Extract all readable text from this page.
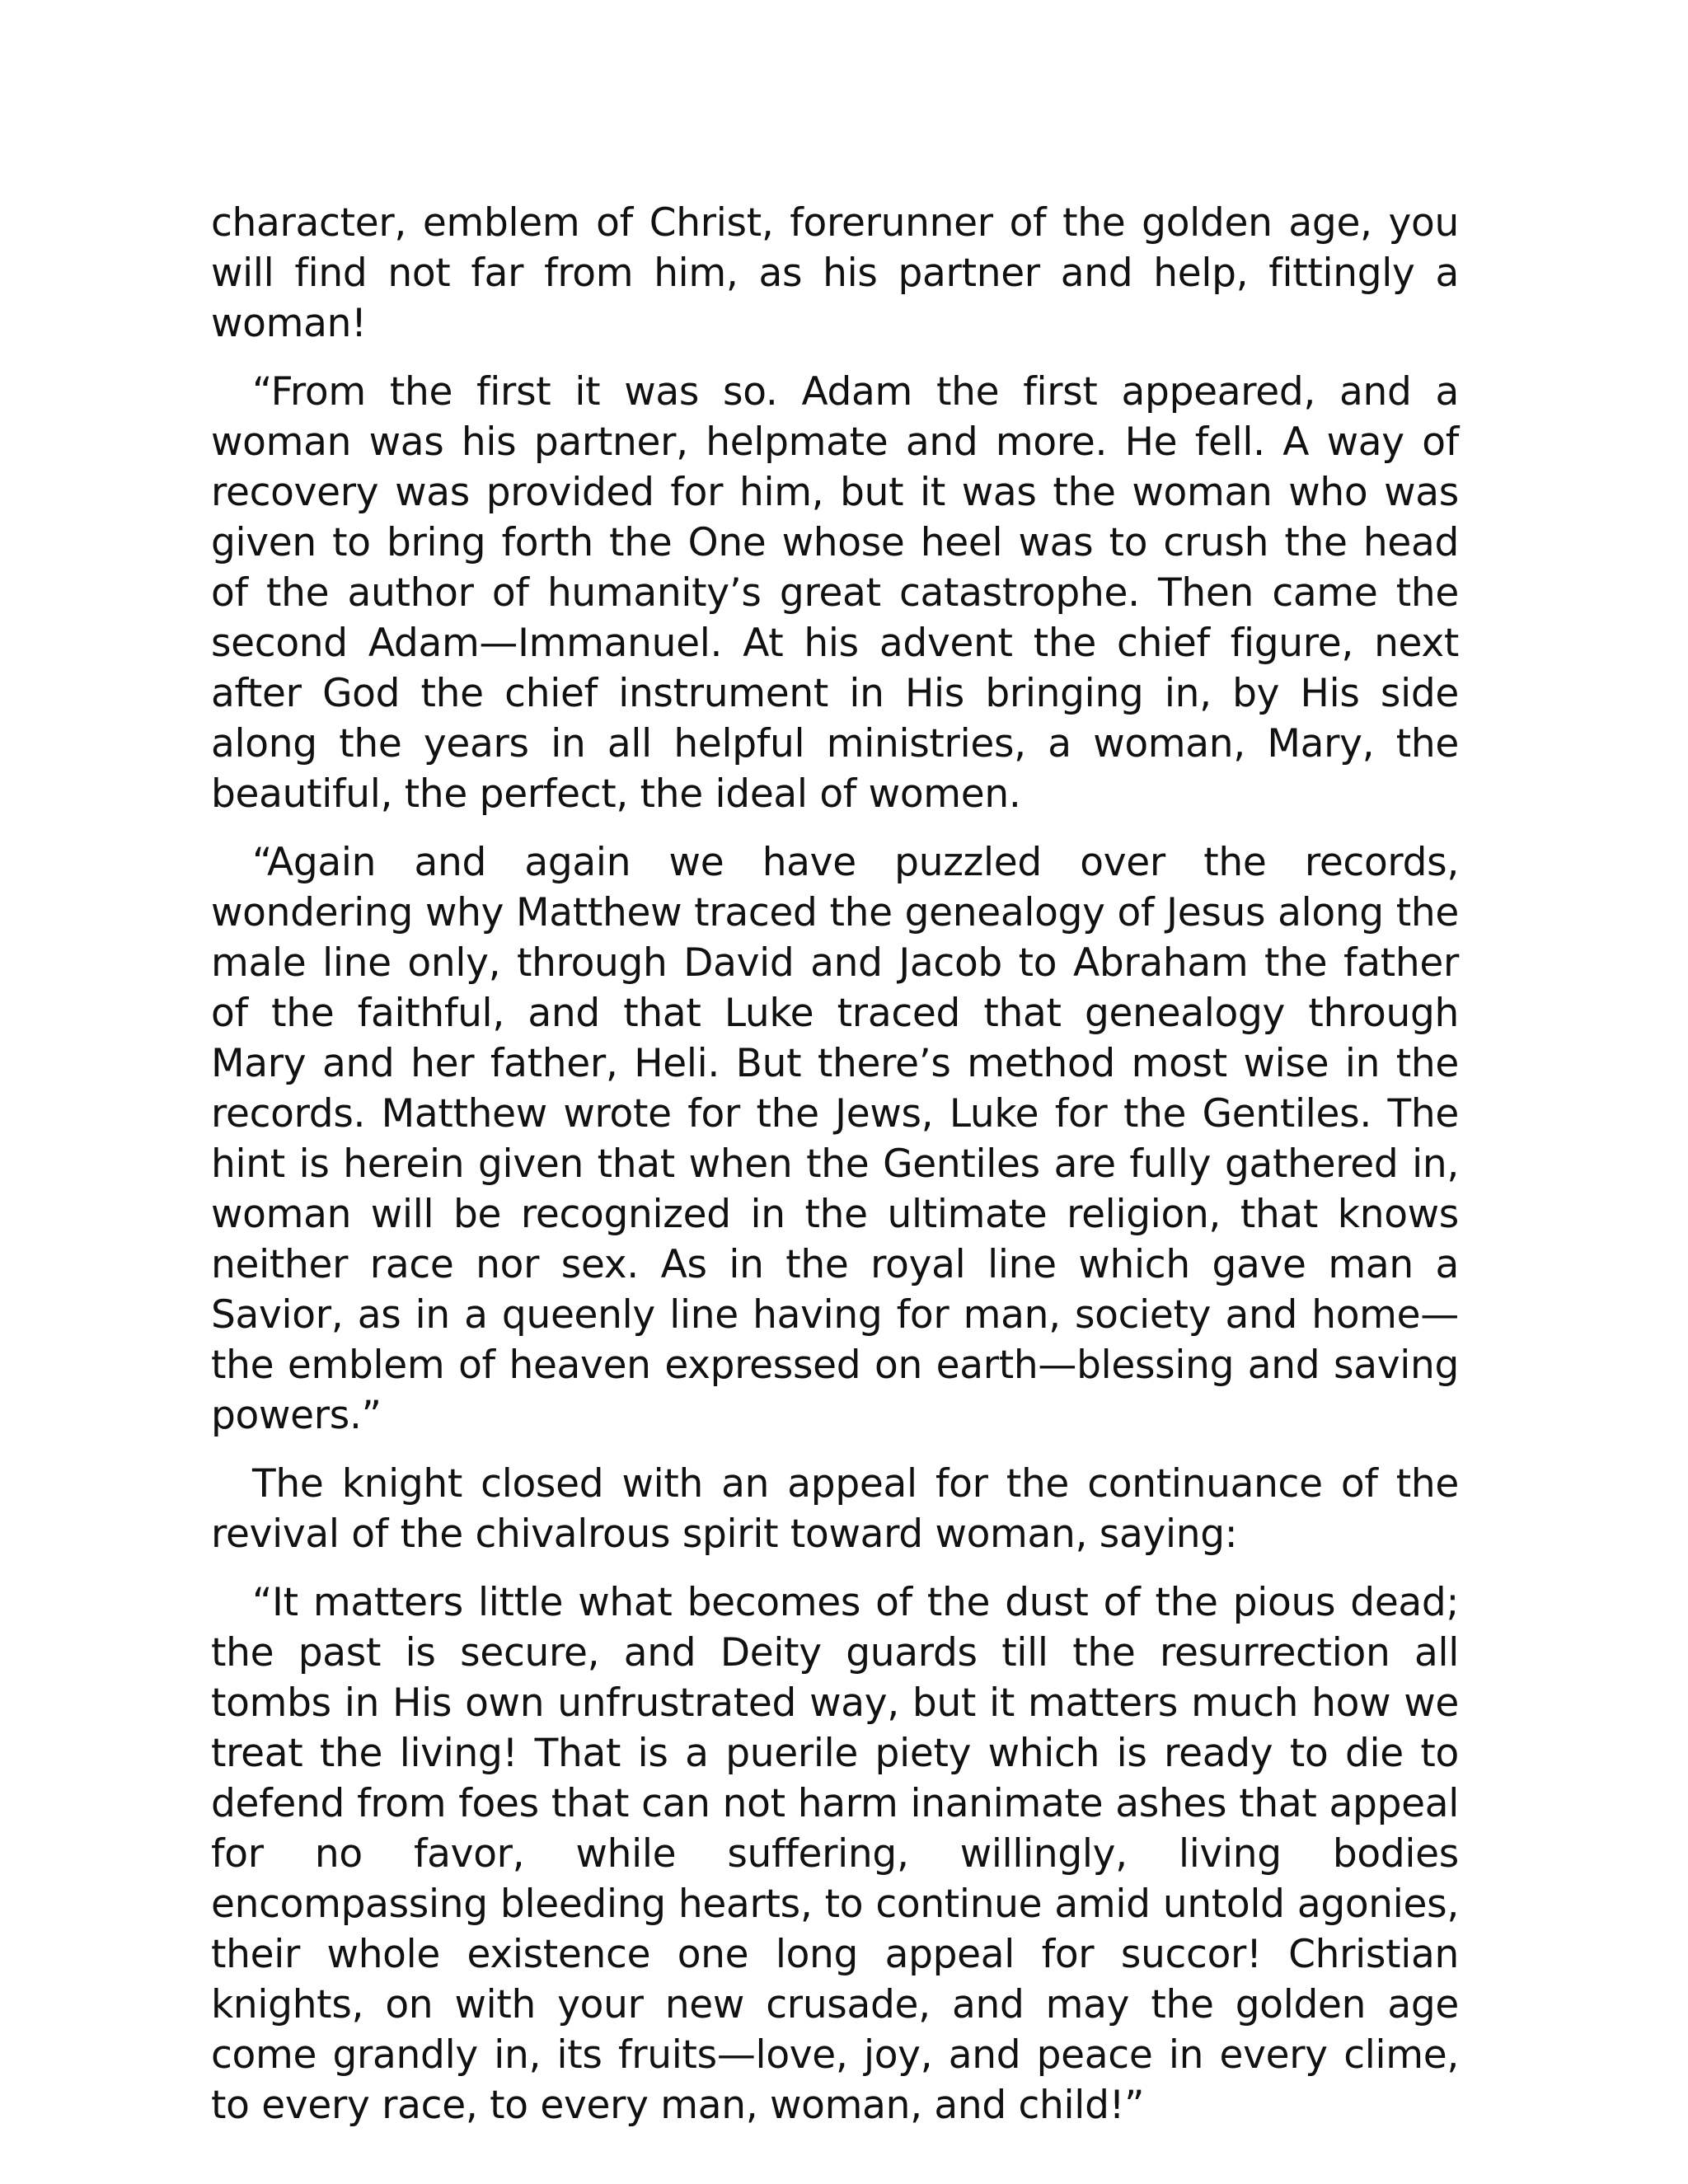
character, emblem of Christ, forerunner of the golden age, you will find not far from him, as his partner and help, fittingly a woman!

“From the first it was so. Adam the first appeared, and a woman was his partner, helpmate and more. He fell. A way of recovery was provided for him, but it was the woman who was given to bring forth the One whose heel was to crush the head of the author of humanity’s great catastrophe. Then came the second Adam—Immanuel. At his advent the chief figure, next after God the chief instrument in His bringing in, by His side along the years in all helpful ministries, a woman, Mary, the beautiful, the perfect, the ideal of women.

“Again and again we have puzzled over the records, wondering why Matthew traced the genealogy of Jesus along the male line only, through David and Jacob to Abraham the father of the faithful, and that Luke traced that genealogy through Mary and her father, Heli. But there’s method most wise in the records. Matthew wrote for the Jews, Luke for the Gentiles. The hint is herein given that when the Gentiles are fully gathered in, woman will be recognized in the ultimate religion, that knows neither race nor sex. As in the royal line which gave man a Savior, as in a queenly line having for man, society and home—the emblem of heaven expressed on earth—blessing and saving powers.”

The knight closed with an appeal for the continuance of the revival of the chivalrous spirit toward woman, saying:

“It matters little what becomes of the dust of the pious dead; the past is secure, and Deity guards till the resurrection all tombs in His own unfrustrated way, but it matters much how we treat the living! That is a puerile piety which is ready to die to defend from foes that can not harm inanimate ashes that appeal for no favor, while suffering, willingly, living bodies encompassing bleeding hearts, to continue amid untold agonies, their whole existence one long appeal for succor! Christian knights, on with your new crusade, and may the golden age come grandly in, its fruits—love, joy, and peace in every clime, to every race, to every man, woman, and child!”
